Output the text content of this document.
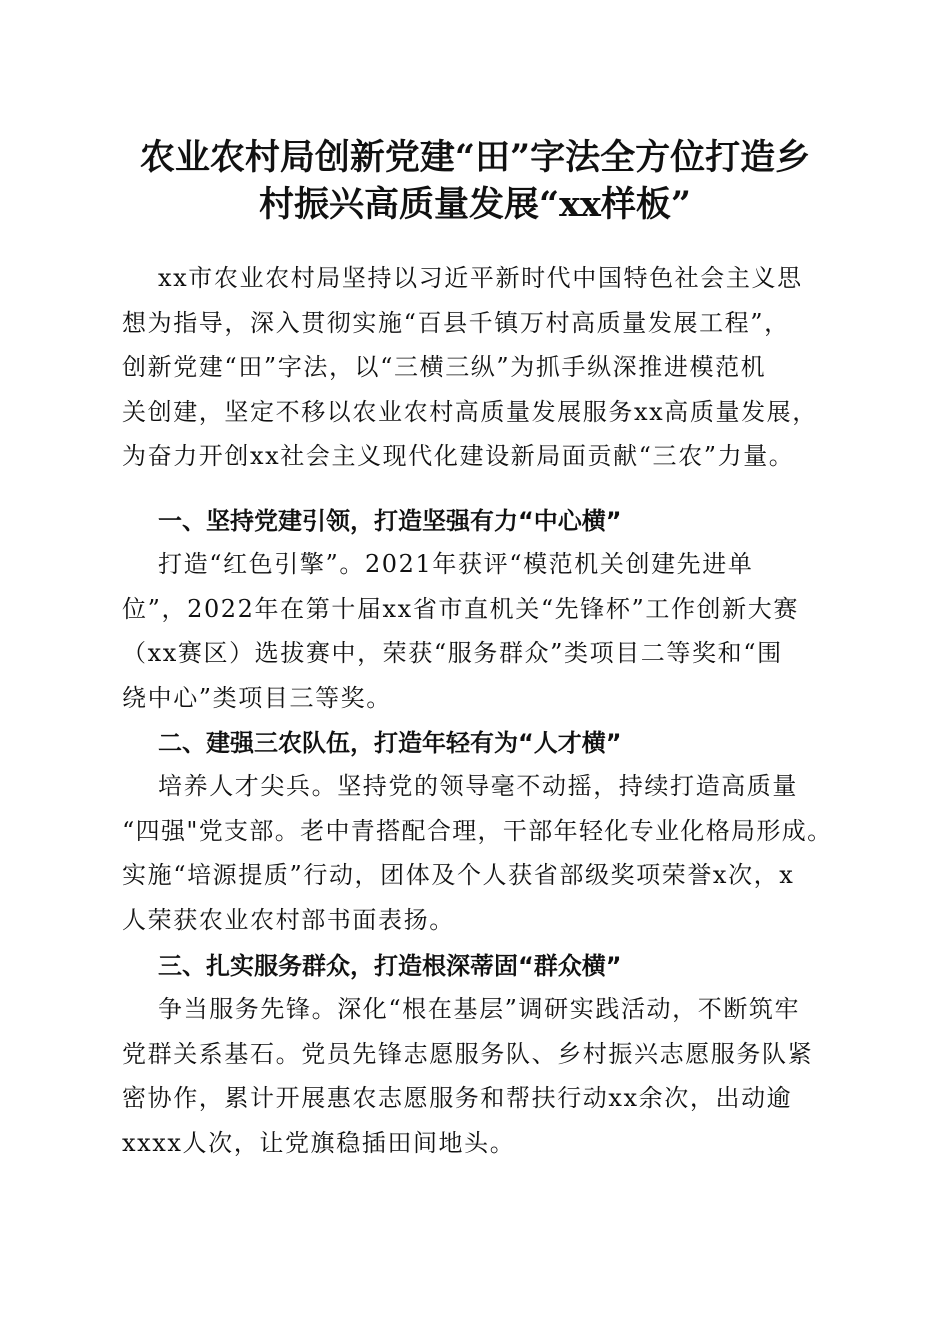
农业农村局创新党建“田”字法全方位打造乡
村振兴高质量发展“xx样板”

xx市农业农村局坚持以习近平新时代中国特色社会主义思
想为指导，深入贯彻实施“百县千镇万村高质量发展工程”，
创新党建“田”字法，以“三横三纵”为抓手纵深推进模范机
关创建，坚定不移以农业农村高质量发展服务xx高质量发展，
为奋力开创xx社会主义现代化建设新局面贡献“三农”力量。

一、坚持党建引领，打造坚强有力“中心横”

打造“红色引擎”。2021年获评“模范机关创建先进单
位”，2022年在第十届xx省市直机关“先锋杯”工作创新大赛
（xx赛区）选拔赛中，荣获“服务群众”类项目二等奖和“围
绕中心”类项目三等奖。

二、建强三农队伍，打造年轻有为“人才横”

培养人才尖兵。坚持党的领导毫不动摇，持续打造高质量
“四强"党支部。老中青搭配合理，干部年轻化专业化格局形成。
实施“培源提质”行动，团体及个人获省部级奖项荣誉x次，x
人荣获农业农村部书面表扬。

三、扎实服务群众，打造根深蒂固“群众横”

争当服务先锋。深化“根在基层”调研实践活动，不断筑牢
党群关系基石。党员先锋志愿服务队、乡村振兴志愿服务队紧
密协作，累计开展惠农志愿服务和帮扶行动xx余次，出动逾
xxxx人次，让党旗稳插田间地头。
